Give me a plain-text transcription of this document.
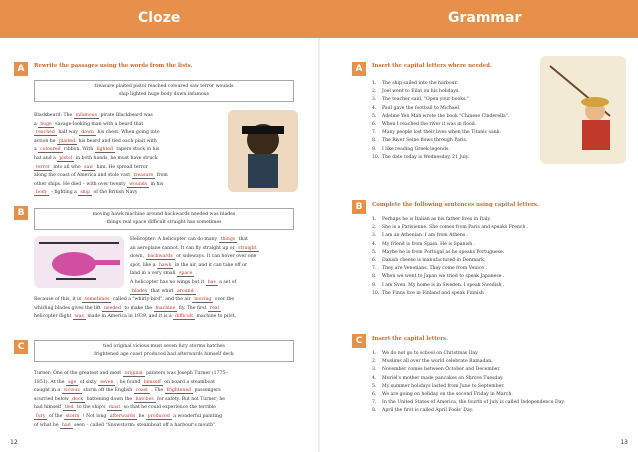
Cloze	Grammar
A	Rewrite the passages using the words from the lists.
treasure plaited pistol reached coloured saw terror wounds
ship lighted huge body down infamous
Blackbeard: The infamous pirate Blackbeard was
a huge savage-looking man with a beard that
reached half way down his chest. When going into
action he plaited his beard and tied each plait with
a coloured ribbon. With lighted tapers stuck in his
hat and a pistol in both hands, he must have struck
terror into all who saw him. He spread terror
along the coast of America and stole vast treasure from
other ships. He died – with over twenty wounds in his
body – fighting a ship of the British Navy
B	moving hawk machine around backwards needed was blades
things real space difficult straight has sometimes
Helicopter: A helicopter can do many things that
an aeroplane cannot. It can fly straight up or straight
down, backwards or sideways. It can hover over one
spot, like a hawk in the air, and it can take off or
land in a very small space .
A helicopter has no wings but it has a set of
blades that whirl around .
Because of this, it is sometimes called a "whirly-bird", and the air moving over the
whirling blades gives the lift needed to make the machine fly. The first real
helicopter flight was made in America in 1939, and it is a difficult machine to pilot.
C	tied original vicious must seven fury storms hatches
frightened age coast produced had afterwards himself deck
Turner: One of the greatest and most original painters was Joseph Turner (1775–
1851). At the age of sixty seven , he found himself on board a steamboat
caught in a vicious storm off the English coast . The frightened passengers
scurried below deck battening down the hatches for safety. But not Turner; he
had himself tied to the ship's mast so that he could experience the terrible
fury of the storm ! Not long afterwards he produced a wonderful painting
of what he had seen – called "Snowstorm: steamboat off a harbour's mouth".
A	Insert the capital letters where needed.
1. The ship sailed into the harbour.
2. Joel went to Eilat on his holidays.
3. The teacher said, "Open your books."
4. Paul gave the football to Michael.
5. Adeline Yen Mah wrote the book "Chinese Cinderella".
6. When I reached the river it was in flood.
7. Many people lost their lives when the Titanic sank.
8. The River Seine flows through Paris.
9. I like reading Greek legends.
10. The date today is Wednesday, 21 July.
B	Complete the following sentences using capital letters.
1. Perhaps he is Italian as his father lives in Italy.
2. She is a Parisienne. She comes from Paris and speaks French .
3. I am an Athenian. I am from Athens .
4. My friend is from Spain. He is Spanish .
5. Maybe he is from Portugal as he speaks Portuguese.
6. Danish cheese is manufactured in Denmark.
7. They are Venetians. They come from Venice .
8. When we went to Japan we tried to speak Japanese .
9. I am Sven. My home is in Sweden. I speak Swedish .
10. The Finns live in Finland and speak Finnish .
C	Insert the capital letters.
1. We do not go to school on Christmas Day.
2. Muslims all over the world celebrate Ramadan.
3. November comes between October and December.
4. Muriel's mother made pancakes on Shrove Tuesday.
5. My summer holidays lasted from June to September.
6. We are going on holiday on the second Friday in March.
7. In the United States of America, the fourth of July is called Independence Day.
8. April the first is called April Fools' Day.
12	13
